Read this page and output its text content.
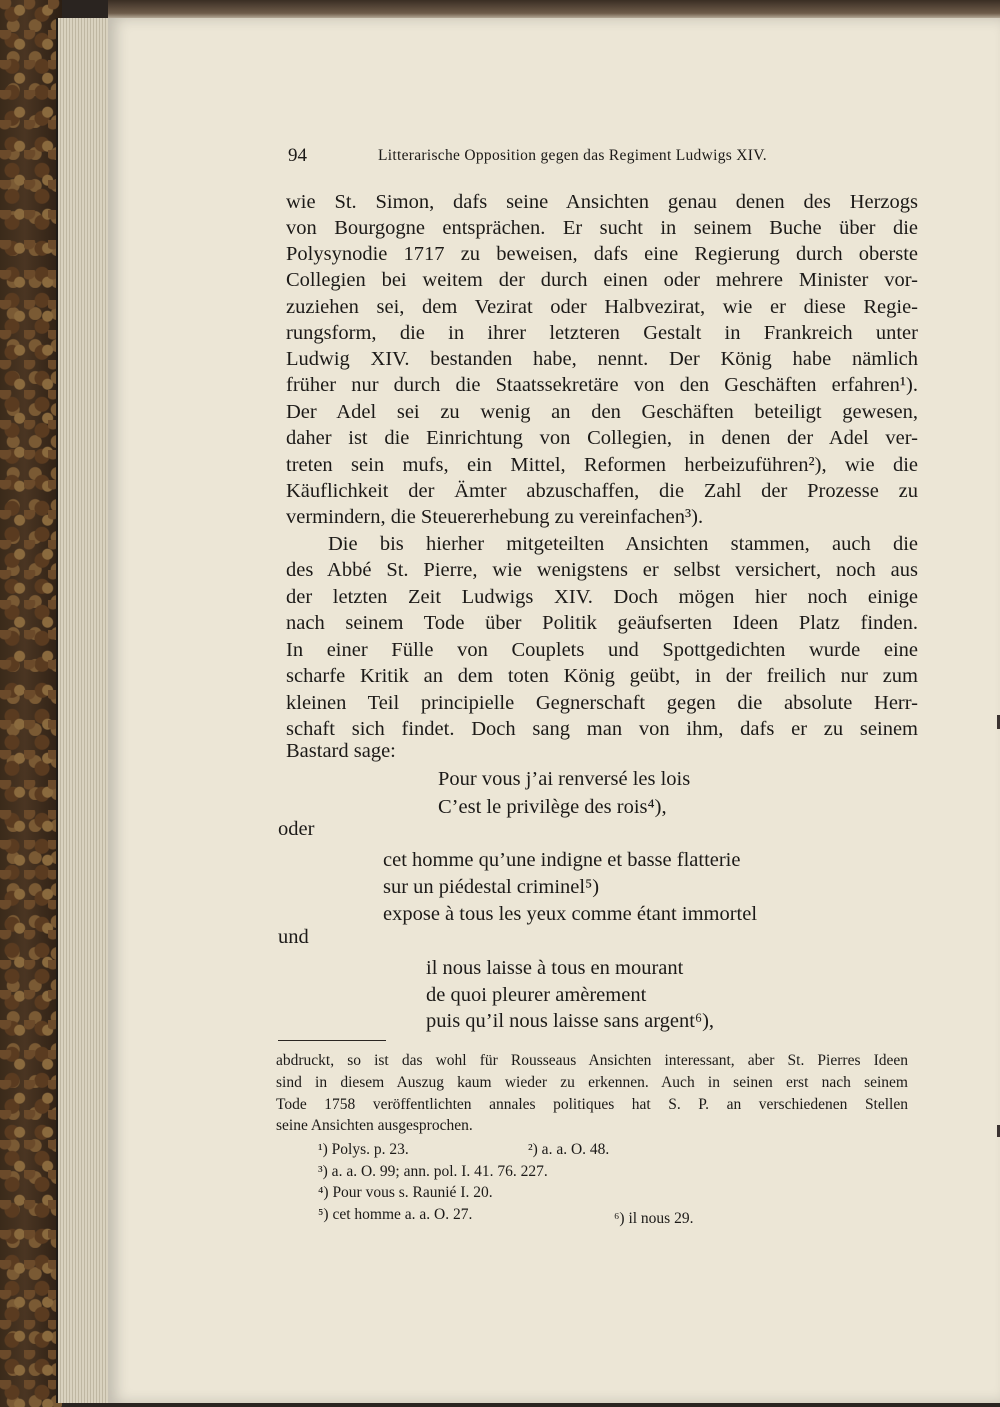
94	Litterarische Opposition gegen das Regiment Ludwigs XIV.
wie St. Simon, dafs seine Ansichten genau denen des Herzogs
von Bourgogne entsprächen. Er sucht in seinem Buche über die
Polysynodie 1717 zu beweisen, dafs eine Regierung durch oberste
Collegien bei weitem der durch einen oder mehrere Minister vor-
zuziehen sei, dem Vezirat oder Halbvezirat, wie er diese Regie-
rungsform, die in ihrer letzteren Gestalt in Frankreich unter
Ludwig XIV. bestanden habe, nennt. Der König habe nämlich
früher nur durch die Staatssekretäre von den Geschäften erfahren¹).
Der Adel sei zu wenig an den Geschäften beteiligt gewesen,
daher ist die Einrichtung von Collegien, in denen der Adel ver-
treten sein mufs, ein Mittel, Reformen herbeizuführen²), wie die
Käuflichkeit der Ämter abzuschaffen, die Zahl der Prozesse zu
vermindern, die Steuererhebung zu vereinfachen³).
Die bis hierher mitgeteilten Ansichten stammen, auch die
des Abbé St. Pierre, wie wenigstens er selbst versichert, noch aus
der letzten Zeit Ludwigs XIV. Doch mögen hier noch einige
nach seinem Tode über Politik geäufserten Ideen Platz finden.
In einer Fülle von Couplets und Spottgedichten wurde eine
scharfe Kritik an dem toten König geübt, in der freilich nur zum
kleinen Teil principielle Gegnerschaft gegen die absolute Herr-
schaft sich findet. Doch sang man von ihm, dafs er zu seinem
Bastard sage:
Pour vous j’ai renversé les lois
C’est le privilège des rois⁴),
oder
cet homme qu’une indigne et basse flatterie
sur un piédestal criminel⁵)
expose à tous les yeux comme étant immortel
und
il nous laisse à tous en mourant
de quoi pleurer amèrement
puis qu’il nous laisse sans argent⁶),
abdruckt, so ist das wohl für Rousseaus Ansichten interessant, aber St. Pierres Ideen
sind in diesem Auszug kaum wieder zu erkennen. Auch in seinen erst nach seinem
Tode 1758 veröffentlichten annales politiques hat S. P. an verschiedenen Stellen
seine Ansichten ausgesprochen.
¹) Polys. p. 23.	²) a. a. O. 48.
³) a. a. O. 99; ann. pol. I. 41. 76. 227.
⁴) Pour vous s. Raunié I. 20.
⁵) cet homme a. a. O. 27.	⁶) il nous 29.
